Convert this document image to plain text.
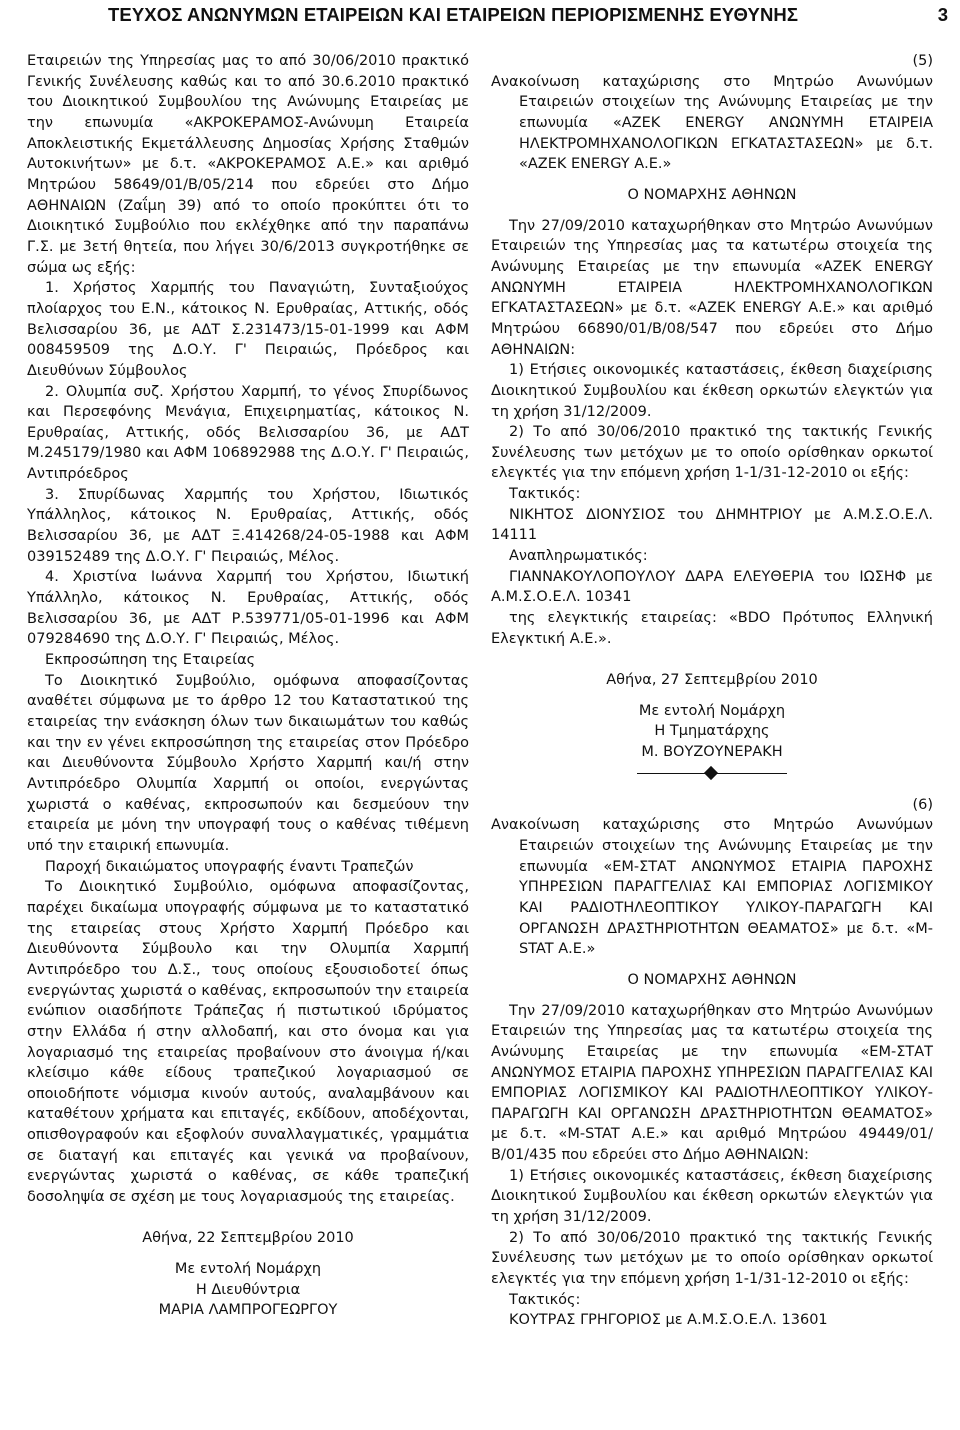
ΤΕΥΧΟΣ ΑΝΩΝΥΜΩΝ ΕΤΑΙΡΕΙΩΝ ΚΑΙ ΕΤΑΙΡΕΙΩΝ ΠΕΡΙΟΡΙΣΜΕΝΗΣ ΕΥΘΥΝΗΣ	3

Εταιρειών της Υπηρεσίας μας το από 30/06/2010 πρακτικό Γενικής Συνέλευσης καθώς και το από 30.6.2010 πρακτικό του Διοικητικού Συμβουλίου της Ανώνυμης Εταιρείας με την επωνυμία «ΑΚΡΟΚΕΡΑΜΟΣ-Ανώνυμη Εταιρεία Αποκλειστικής Εκμετάλλευσης Δημοσίας Χρήσης Σταθμών Αυτοκινήτων» με δ.τ. «ΑΚΡΟΚΕΡΑΜΟΣ Α.Ε.» και αριθμό Μητρώου 58649/01/Β/05/214 που εδρεύει στο Δήμο ΑΘΗΝΑΙΩΝ (Ζαΐμη 39) από το οποίο προκύπτει ότι το Διοικητικό Συμβούλιο που εκλέχθηκε από την παραπάνω Γ.Σ. με 3ετή θητεία, που λήγει 30/6/2013 συγκροτήθηκε σε σώμα ως εξής:

1. Χρήστος Χαρμπής του Παναγιώτη, Συνταξιούχος πλοίαρχος του Ε.Ν., κάτοικος Ν. Ερυθραίας, Αττικής, οδός Βελισσαρίου 36, με ΑΔΤ Σ.231473/15-01-1999 και ΑΦΜ 008459509 της Δ.Ο.Υ. Γ' Πειραιώς, Πρόεδρος και Διευθύνων Σύμβουλος

2. Ολυμπία συζ. Χρήστου Χαρμπή, το γένος Σπυρίδωνος και Περσεφόνης Μενάγια, Επιχειρηματίας, κάτοικος Ν. Ερυθραίας, Αττικής, οδός Βελισσαρίου 36, με ΑΔΤ Μ.245179/1980 και ΑΦΜ 106892988 της Δ.Ο.Υ. Γ' Πειραιώς, Αντιπρόεδρος

3. Σπυρίδωνας Χαρμπής του Χρήστου, Ιδιωτικός Υπάλληλος, κάτοικος Ν. Ερυθραίας, Αττικής, οδός Βελισσαρίου 36, με ΑΔΤ Ξ.414268/24-05-1988 και ΑΦΜ 039152489 της Δ.Ο.Υ. Γ' Πειραιώς, Μέλος.

4. Χριστίνα Ιωάννα Χαρμπή του Χρήστου, Ιδιωτική Υπάλληλο, κάτοικος Ν. Ερυθραίας, Αττικής, οδός Βελισσαρίου 36, με ΑΔΤ Ρ.539771/05-01-1996 και ΑΦΜ 079284690 της Δ.Ο.Υ. Γ' Πειραιώς, Μέλος.

Εκπροσώπηση της Εταιρείας

Το Διοικητικό Συμβούλιο, ομόφωνα αποφασίζοντας αναθέτει σύμφωνα με το άρθρο 12 του Καταστατικού της εταιρείας την ενάσκηση όλων των δικαιωμάτων του καθώς και την εν γένει εκπροσώπηση της εταιρείας στον Πρόεδρο και Διευθύνοντα Σύμβουλο Χρήστο Χαρμπή και/ή στην Αντιπρόεδρο Ολυμπία Χαρμπή οι οποίοι, ενεργώντας χωριστά ο καθένας, εκπροσωπούν και δεσμεύουν την εταιρεία με μόνη την υπογραφή τους ο καθένας τιθέμενη υπό την εταιρική επωνυμία.

Παροχή δικαιώματος υπογραφής έναντι Τραπεζών

Το Διοικητικό Συμβούλιο, ομόφωνα αποφασίζοντας, παρέχει δικαίωμα υπογραφής σύμφωνα με το καταστατικό της εταιρείας στους Χρήστο Χαρμπή Πρόεδρο και Διευθύνοντα Σύμβουλο και την Ολυμπία Χαρμπή Αντιπρόεδρο του Δ.Σ., τους οποίους εξουσιοδοτεί όπως ενεργώντας χωριστά ο καθένας, εκπροσωπούν την εταιρεία ενώπιον οιασδήποτε Τράπεζας ή πιστωτικού ιδρύματος στην Ελλάδα ή στην αλλοδαπή, και στο όνομα και για λογαριασμό της εταιρείας προβαίνουν στο άνοιγμα ή/και κλείσιμο κάθε είδους τραπεζικού λογαριασμού σε οποιοδήποτε νόμισμα κινούν αυτούς, αναλαμβάνουν και καταθέτουν χρήματα και επιταγές, εκδίδουν, αποδέχονται, οπισθογραφούν και εξοφλούν συναλλαγματικές, γραμμάτια σε διαταγή και επιταγές και γενικά να προβαίνουν, ενεργώντας χωριστά ο καθένας, σε κάθε τραπεζική δοσοληψία σε σχέση με τους λογαριασμούς της εταιρείας.

Αθήνα, 22 Σεπτεμβρίου 2010

Με εντολή Νομάρχη

Η Διευθύντρια

ΜΑΡΙΑ ΛΑΜΠΡΟΓΕΩΡΓΟΥ

(5)

Ανακοίνωση καταχώρισης στο Μητρώο Ανωνύμων Εταιρειών στοιχείων της Ανώνυμης Εταιρείας με την επωνυμία «ΑΖΕΚ ENERGY ΑΝΩΝΥΜΗ ΕΤΑΙΡΕΙΑ ΗΛΕΚΤΡΟΜΗΧΑΝΟΛΟΓΙΚΩΝ ΕΓΚΑΤΑΣΤΑΣΕΩΝ» με δ.τ. «ΑΖΕΚ ENERGY Α.Ε.»

Ο ΝΟΜΑΡΧΗΣ ΑΘΗΝΩΝ

Την 27/09/2010 καταχωρήθηκαν στο Μητρώο Ανωνύμων Εταιρειών της Υπηρεσίας μας τα κατωτέρω στοιχεία της Ανώνυμης Εταιρείας με την επωνυμία «ΑΖΕΚ ENERGY ΑΝΩΝΥΜΗ ΕΤΑΙΡΕΙΑ ΗΛΕΚΤΡΟΜΗΧΑΝΟΛΟΓΙΚΩΝ ΕΓΚΑΤΑΣΤΑΣΕΩΝ» με δ.τ. «ΑΖΕΚ ENERGY Α.Ε.» και αριθμό Μητρώου 66890/01/Β/08/547 που εδρεύει στο Δήμο ΑΘΗΝΑΙΩΝ:

1) Ετήσιες οικονομικές καταστάσεις, έκθεση διαχείρισης Διοικητικού Συμβουλίου και έκθεση ορκωτών ελεγκτών για τη χρήση 31/12/2009.

2) Το από 30/06/2010 πρακτικό της τακτικής Γενικής Συνέλευσης των μετόχων με το οποίο ορίσθηκαν ορκωτοί ελεγκτές για την επόμενη χρήση 1-1/31-12-2010 οι εξής:

Τακτικός:

ΝΙΚΗΤΟΣ ΔΙΟΝΥΣΙΟΣ του ΔΗΜΗΤΡΙΟΥ με Α.Μ.Σ.Ο.Ε.Λ. 14111

Αναπληρωματικός:

ΓΙΑΝΝΑΚΟΥΛΟΠΟΥΛΟΥ ΔΑΡΑ ΕΛΕΥΘΕΡΙΑ του ΙΩΣΗΦ με Α.Μ.Σ.Ο.Ε.Λ. 10341

της ελεγκτικής εταιρείας: «BDO Πρότυπος Ελληνική Ελεγκτική Α.Ε.».

Αθήνα, 27 Σεπτεμβρίου 2010

Με εντολή Νομάρχη

Η Τμηματάρχης

Μ. ΒΟΥΖΟΥΝΕΡΑΚΗ

(6)

Ανακοίνωση καταχώρισης στο Μητρώο Ανωνύμων Εταιρειών στοιχείων της Ανώνυμης Εταιρείας με την επωνυμία «ΕΜ-ΣΤΑΤ ΑΝΩΝΥΜΟΣ ΕΤΑΙΡΙΑ ΠΑΡΟΧΗΣ ΥΠΗΡΕΣΙΩΝ ΠΑΡΑΓΓΕΛΙΑΣ ΚΑΙ ΕΜΠΟΡΙΑΣ ΛΟΓΙΣΜΙΚΟΥ ΚΑΙ ΡΑΔΙΟΤΗΛΕΟΠΤΙΚΟΥ ΥΛΙΚΟΥ-ΠΑΡΑΓΩΓΗ ΚΑΙ ΟΡΓΑΝΩΣΗ ΔΡΑΣΤΗΡΙΟΤΗΤΩΝ ΘΕΑΜΑΤΟΣ» με δ.τ. «M-STAT Α.Ε.»

Ο ΝΟΜΑΡΧΗΣ ΑΘΗΝΩΝ

Την 27/09/2010 καταχωρήθηκαν στο Μητρώο Ανωνύμων Εταιρειών της Υπηρεσίας μας τα κατωτέρω στοιχεία της Ανώνυμης Εταιρείας με την επωνυμία «ΕΜ-ΣΤΑΤ ΑΝΩΝΥΜΟΣ ΕΤΑΙΡΙΑ ΠΑΡΟΧΗΣ ΥΠΗΡΕΣΙΩΝ ΠΑΡΑΓΓΕΛΙΑΣ ΚΑΙ ΕΜΠΟΡΙΑΣ ΛΟΓΙΣΜΙΚΟΥ ΚΑΙ ΡΑΔΙΟΤΗΛΕΟΠΤΙΚΟΥ ΥΛΙΚΟΥ-ΠΑΡΑΓΩΓΗ ΚΑΙ ΟΡΓΑΝΩΣΗ ΔΡΑΣΤΗΡΙΟΤΗΤΩΝ ΘΕΑΜΑΤΟΣ» με δ.τ. «M-STAT Α.Ε.» και αριθμό Μητρώου 49449/01/Β/01/435 που εδρεύει στο Δήμο ΑΘΗΝΑΙΩΝ:

1) Ετήσιες οικονομικές καταστάσεις, έκθεση διαχείρισης Διοικητικού Συμβουλίου και έκθεση ορκωτών ελεγκτών για τη χρήση 31/12/2009.

2) Το από 30/06/2010 πρακτικό της τακτικής Γενικής Συνέλευσης των μετόχων με το οποίο ορίσθηκαν ορκωτοί ελεγκτές για την επόμενη χρήση 1-1/31-12-2010 οι εξής:

Τακτικός:

ΚΟΥΤΡΑΣ ΓΡΗΓΟΡΙΟΣ με Α.Μ.Σ.Ο.Ε.Λ. 13601
